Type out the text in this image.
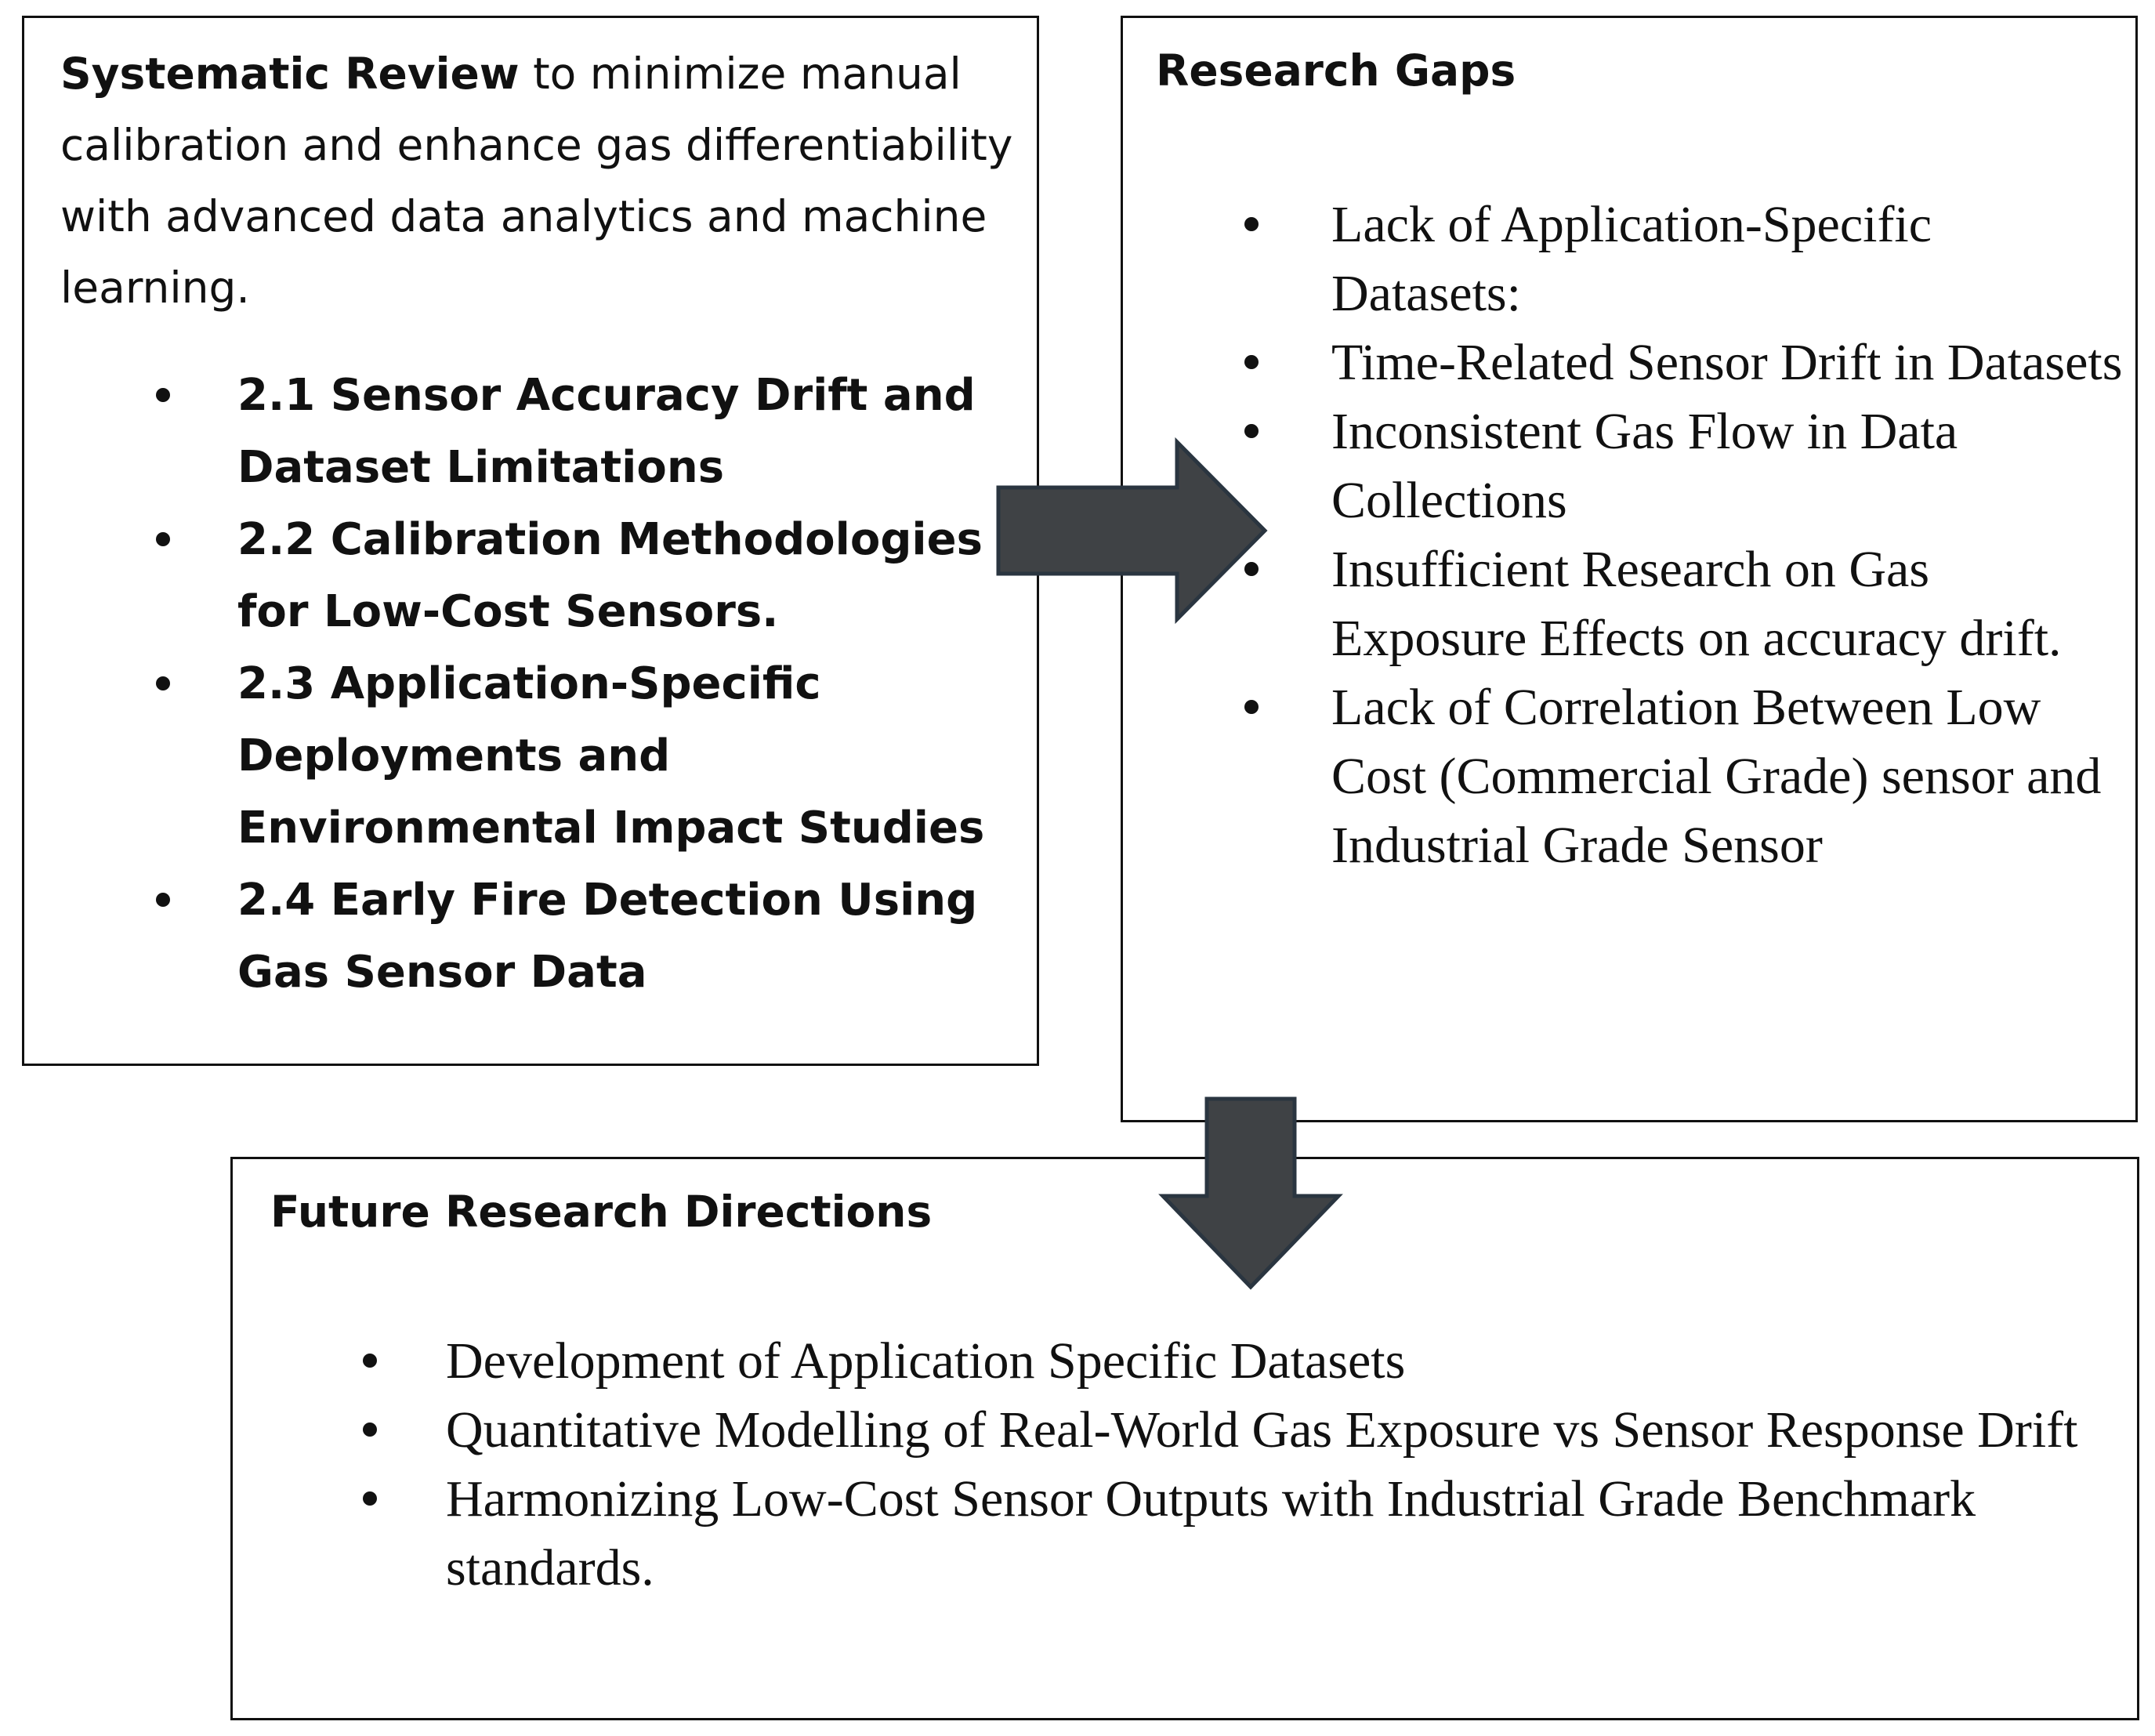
Systematic Review to minimize manual calibration and enhance gas differentiability with advanced data analytics and machine learning.

2.1 Sensor Accuracy Drift and Dataset Limitations
2.2 Calibration Methodologies for Low-Cost Sensors.
2.3 Application-Specific Deployments and Environmental Impact Studies
2.4 Early Fire Detection Using Gas Sensor Data

Research Gaps

Lack of Application-Specific Datasets:
Time-Related Sensor Drift in Datasets
Inconsistent Gas Flow in Data Collections
Insufficient Research on Gas Exposure Effects on accuracy drift.
Lack of Correlation Between Low Cost (Commercial Grade) sensor and Industrial Grade Sensor

Future Research Directions

Development of Application Specific Datasets
Quantitative Modelling of Real-World Gas Exposure vs Sensor Response Drift
Harmonizing Low-Cost Sensor Outputs with Industrial Grade Benchmark standards.
